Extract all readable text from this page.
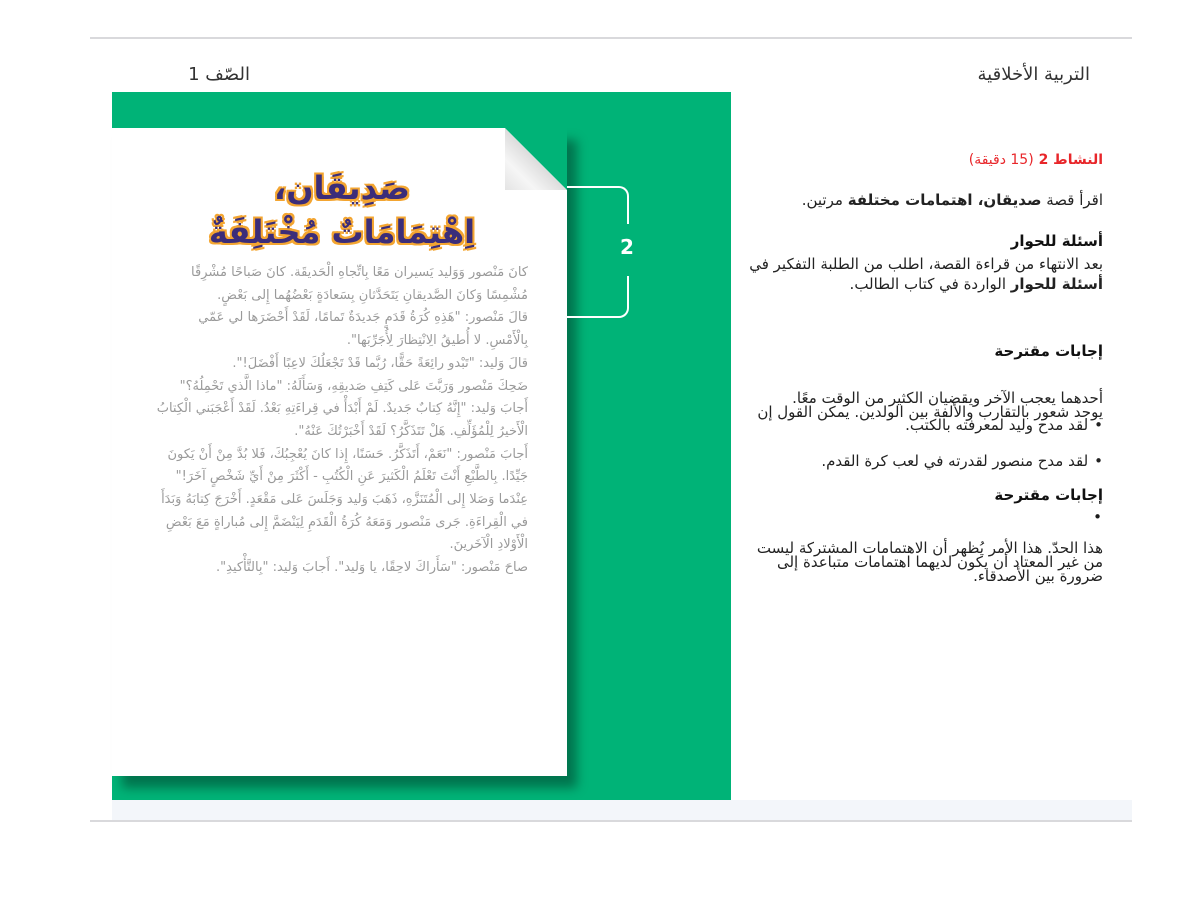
التربية الأخلاقية
الصّف 1
صَدِيقَان،
اِهْتِمَامَاتٌ مُخْتَلِفَةٌ

كانَ مَنْصور وَوَليد يَسيران مَعًا بِاتِّجاهِ الْحَديقَة. كانَ صَباحًا مُشْرِقًا مُشْمِسًا وَكانَ الصَّديقانِ يَتَحَدَّثانِ بِسَعادَةٍ بَعْضُهُما إِلى بَعْضٍ.

قالَ مَنْصور: "هَذِهِ كُرَةُ قَدَمٍ جَديدَةٌ تَمامًا، لَقَدْ أَحْضَرَها لي عَمّي بِالْأَمْسِ. لا أُطيقُ الِانْتِظارَ لِأُجَرِّبَها".

قالَ وَليد: "تَبْدو رائِعَةً حَقًّا، رُبَّما قَدْ تَجْعَلُكَ لاعِبًا أَفْضَلَ!".

ضَحِكَ مَنْصور وَرَبَّتَ عَلى كَتِفِ صَديقِهِ، وَسَأَلَهُ: "ماذا الَّذي تَحْمِلُهُ؟"

أَجابَ وَليد: "إِنَّهُ كِتابٌ جَديدٌ. لَمْ أَبْدَأْ في قِراءَتِهِ بَعْدُ. لَقَدْ أَعْجَبَني الْكِتابُ الْأَخيرُ لِلْمُؤَلِّفِ. هَلْ تَتَذَكَّرُ؟ لَقَدْ أَخْبَرْتُكَ عَنْهُ".

أَجابَ مَنْصور: "نَعَمْ، أَتَذَكَّرُ. حَسَنًا، إِذا كانَ يُعْجِبُكَ، فَلا بُدَّ مِنْ أَنْ يَكونَ جَيِّدًا. بِالطَّبْعِ أَنْتَ تَعْلَمُ الْكَثيرَ عَنِ الْكُتُبِ - أَكْثَرَ مِنْ أَيِّ شَخْصٍ آخَرَ!"

عِنْدَما وَصَلا إِلى الْمُتَنَزَّهِ، ذَهَبَ وَليد وَجَلَسَ عَلى مَقْعَدٍ. أَخْرَجَ كِتابَهُ وَبَدَأَ في الْقِراءَةِ. جَرى مَنْصور وَمَعَهُ كُرَةُ الْقَدَمِ لِيَنْضَمَّ إِلى مُباراةٍ مَعَ بَعْضِ الْأَوْلادِ الْآخَرينَ.

صاحَ مَنْصور: "سَأَراكَ لاحِقًا، يا وَليد". أَجابَ وَليد: "بِالتَّأْكيدِ".

2
النشاط 2 (15 دقيقة)
اقرأ قصة صديقان، اهتمامات مختلفة مرتين.
أسئلة للحوار
بعد الانتهاء من قراءة القصة، اطلب من الطلبة التفكير في
أسئلة للحوار الواردة في كتاب الطالب.
إجابات مقترحة
أحدهما يعجب الآخر ويقضيان الكثير من الوقت معًا.
يوجد شعور بالتقارب والألفة بين الولدين. يمكن القول إن
• لقد مدح وليد لمعرفته بالكتب.
• لقد مدح منصور لقدرته في لعب كرة القدم.
إجابات مقترحة
•
هذا الحدّ. هذا الأمر يُظهر أن الاهتمامات المشتركة ليست
من غير المعتاد أن يكون لديهما اهتمامات متباعدة إلى
ضرورة بين الأصدقاء.
